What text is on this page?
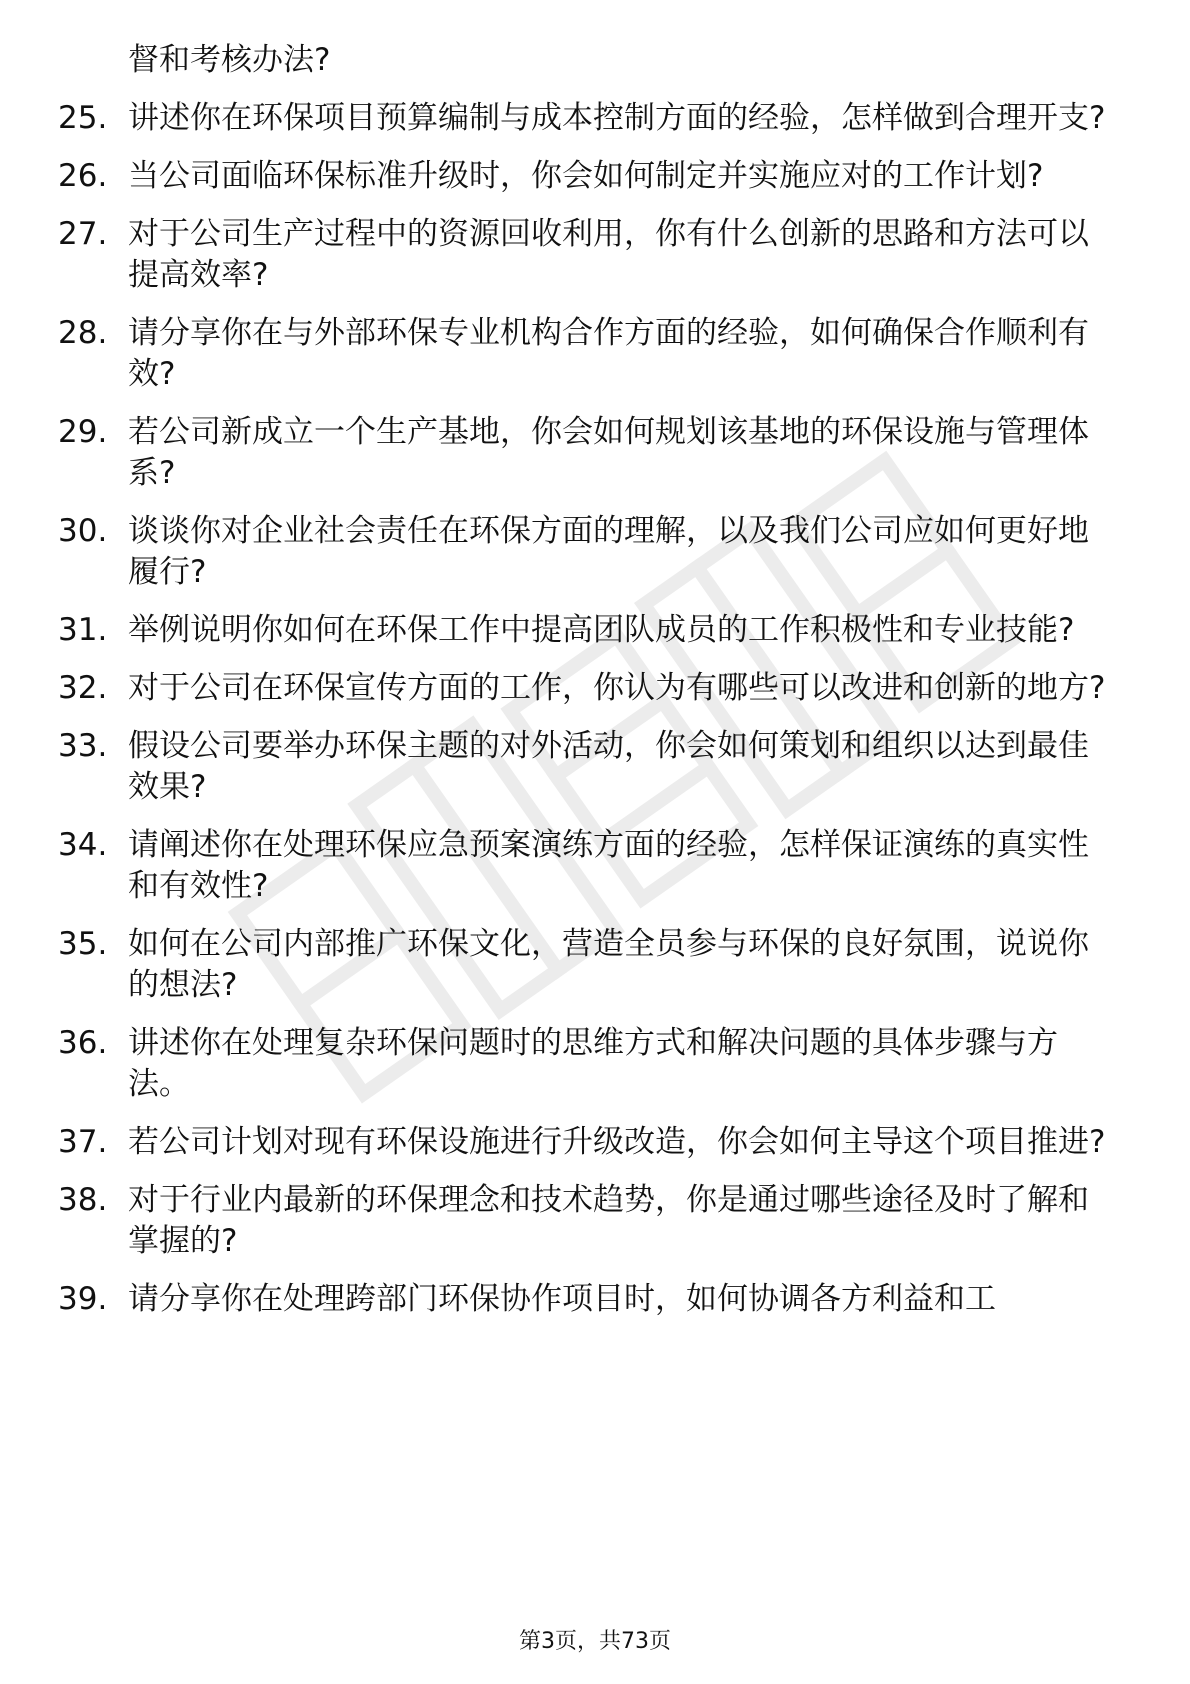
督和考核办法?
25. 讲述你在环保项目预算编制与成本控制方面的经验，怎样做到合理开支?
26. 当公司面临环保标准升级时，你会如何制定并实施应对的工作计划?
27. 对于公司生产过程中的资源回收利用，你有什么创新的思路和方法可以提高效率?
28. 请分享你在与外部环保专业机构合作方面的经验，如何确保合作顺利有效?
29. 若公司新成立一个生产基地，你会如何规划该基地的环保设施与管理体系?
30. 谈谈你对企业社会责任在环保方面的理解，以及我们公司应如何更好地履行?
31. 举例说明你如何在环保工作中提高团队成员的工作积极性和专业技能?
32. 对于公司在环保宣传方面的工作，你认为有哪些可以改进和创新的地方?
33. 假设公司要举办环保主题的对外活动，你会如何策划和组织以达到最佳效果?
34. 请阐述你在处理环保应急预案演练方面的经验，怎样保证演练的真实性和有效性?
35. 如何在公司内部推广环保文化，营造全员参与环保的良好氛围，说说你的想法?
36. 讲述你在处理复杂环保问题时的思维方式和解决问题的具体步骤与方法。
37. 若公司计划对现有环保设施进行升级改造，你会如何主导这个项目推进?
38. 对于行业内最新的环保理念和技术趋势，你是通过哪些途径及时了解和掌握的?
39. 请分享你在处理跨部门环保协作项目时，如何协调各方利益和工
第3页，共73页
